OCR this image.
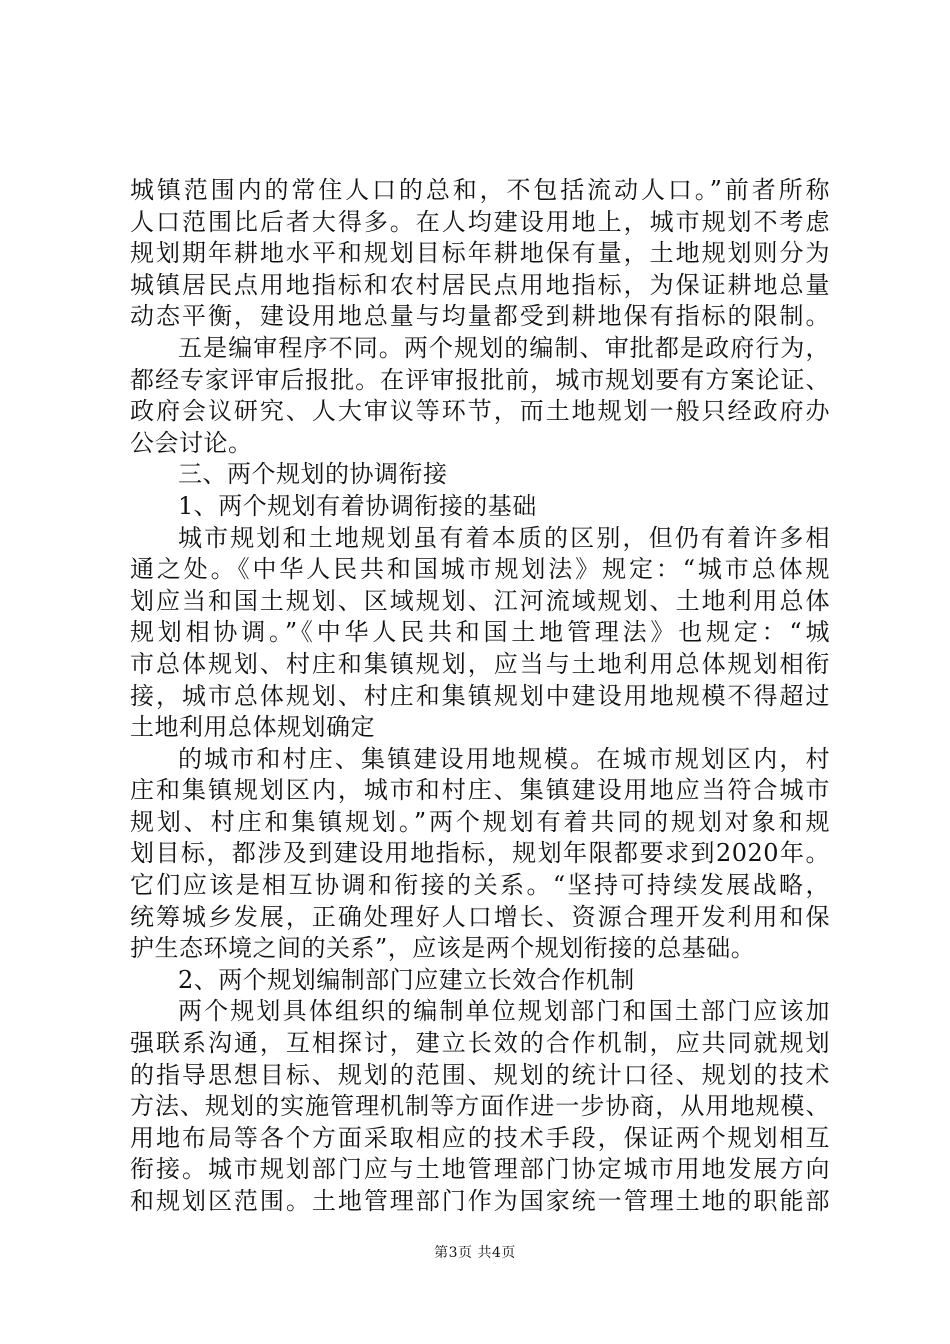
城镇范围内的常住人口的总和，不包括流动人口。”前者所称
人口范围比后者大得多。在人均建设用地上，城市规划不考虑
规划期年耕地水平和规划目标年耕地保有量，土地规划则分为
城镇居民点用地指标和农村居民点用地指标，为保证耕地总量
动态平衡，建设用地总量与均量都受到耕地保有指标的限制。
五是编审程序不同。两个规划的编制、审批都是政府行为，
都经专家评审后报批。在评审报批前，城市规划要有方案论证、
政府会议研究、人大审议等环节，而土地规划一般只经政府办
公会讨论。
三、两个规划的协调衔接
1、两个规划有着协调衔接的基础
城市规划和土地规划虽有着本质的区别，但仍有着许多相
通之处。《中华人民共和国城市规划法》规定：“城市总体规
划应当和国土规划、区域规划、江河流域规划、土地利用总体
规划相协调。”《中华人民共和国土地管理法》也规定：“城
市总体规划、村庄和集镇规划，应当与土地利用总体规划相衔
接，城市总体规划、村庄和集镇规划中建设用地规模不得超过
土地利用总体规划确定
的城市和村庄、集镇建设用地规模。在城市规划区内，村
庄和集镇规划区内，城市和村庄、集镇建设用地应当符合城市
规划、村庄和集镇规划。”两个规划有着共同的规划对象和规
划目标，都涉及到建设用地指标，规划年限都要求到2020年。
它们应该是相互协调和衔接的关系。“坚持可持续发展战略，
统筹城乡发展，正确处理好人口增长、资源合理开发利用和保
护生态环境之间的关系”，应该是两个规划衔接的总基础。
2、两个规划编制部门应建立长效合作机制
两个规划具体组织的编制单位规划部门和国土部门应该加
强联系沟通，互相探讨，建立长效的合作机制，应共同就规划
的指导思想目标、规划的范围、规划的统计口径、规划的技术
方法、规划的实施管理机制等方面作进一步协商，从用地规模、
用地布局等各个方面采取相应的技术手段，保证两个规划相互
衔接。城市规划部门应与土地管理部门协定城市用地发展方向
和规划区范围。土地管理部门作为国家统一管理土地的职能部
第3页 共4页
